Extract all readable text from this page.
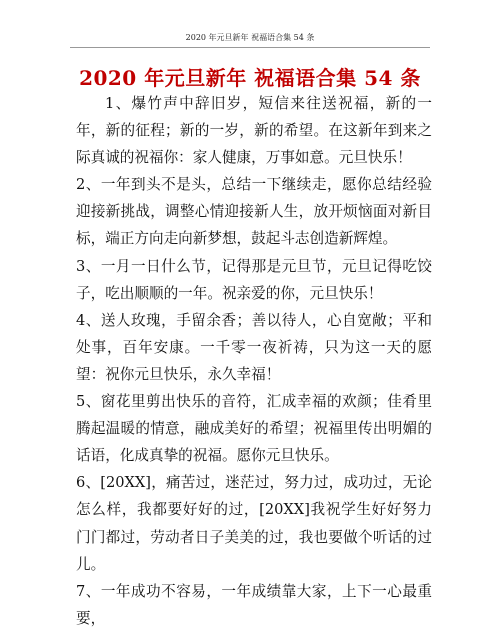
2020 年元旦新年 祝福语合集 54 条
2020 年元旦新年 祝福语合集 54 条

1、爆竹声中辞旧岁，短信来往送祝福，新的一年，新的征程；新的一岁，新的希望。在这新年到来之际真诚的祝福你：家人健康，万事如意。元旦快乐！

2、一年到头不是头，总结一下继续走，愿你总结经验迎接新挑战，调整心情迎接新人生，放开烦恼面对新目标，端正方向走向新梦想，鼓起斗志创造新辉煌。

3、一月一日什么节，记得那是元旦节，元旦记得吃饺子，吃出顺顺的一年。祝亲爱的你，元旦快乐！

4、送人玫瑰，手留余香；善以待人，心自宽敞；平和处事，百年安康。一千零一夜祈祷，只为这一天的愿望：祝你元旦快乐，永久幸福！

5、窗花里剪出快乐的音符，汇成幸福的欢颜；佳肴里腾起温暖的情意，融成美好的希望；祝福里传出明媚的话语，化成真挚的祝福。愿你元旦快乐。

6、[20XX]，痛苦过，迷茫过，努力过，成功过，无论怎么样，我都要好好的过，[20XX]我祝学生好好努力门门都过，劳动者日子美美的过，我也要做个听话的过儿。

7、一年成功不容易，一年成绩靠大家，上下一心最重要，
